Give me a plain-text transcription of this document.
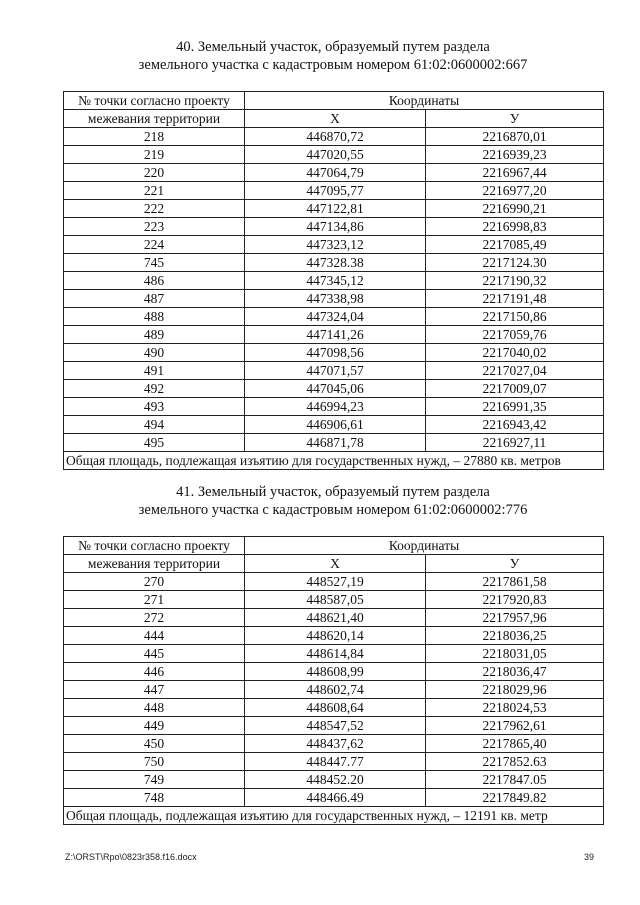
40. Земельный участок, образуемый путем раздела
земельного участка с кадастровым номером 61:02:0600002:667
№ точки согласно проекту	Координаты	
межевания территории	Х	У
218	446870,72	2216870,01
219	447020,55	2216939,23
220	447064,79	2216967,44
221	447095,77	2216977,20
222	447122,81	2216990,21
223	447134,86	2216998,83
224	447323,12	2217085,49
745	447328.38	2217124.30
486	447345,12	2217190,32
487	447338,98	2217191,48
488	447324,04	2217150,86
489	447141,26	2217059,76
490	447098,56	2217040,02
491	447071,57	2217027,04
492	447045,06	2217009,07
493	446994,23	2216991,35
494	446906,61	2216943,42
495	446871,78	2216927,11
Общая площадь, подлежащая изъятию для государственных нужд, – 27880 кв. метров		
41. Земельный участок, образуемый путем раздела
земельного участка с кадастровым номером 61:02:0600002:776
№ точки согласно проекту	Координаты	
межевания территории	Х	У
270	448527,19	2217861,58
271	448587,05	2217920,83
272	448621,40	2217957,96
444	448620,14	2218036,25
445	448614,84	2218031,05
446	448608,99	2218036,47
447	448602,74	2218029,96
448	448608,64	2218024,53
449	448547,52	2217962,61
450	448437,62	2217865,40
750	448447.77	2217852.63
749	448452.20	2217847.05
748	448466.49	2217849.82
Общая площадь, подлежащая изъятию для государственных нужд, – 12191 кв. метр		
Z:\ORST\Rpo\0823r358.f16.docx	39
